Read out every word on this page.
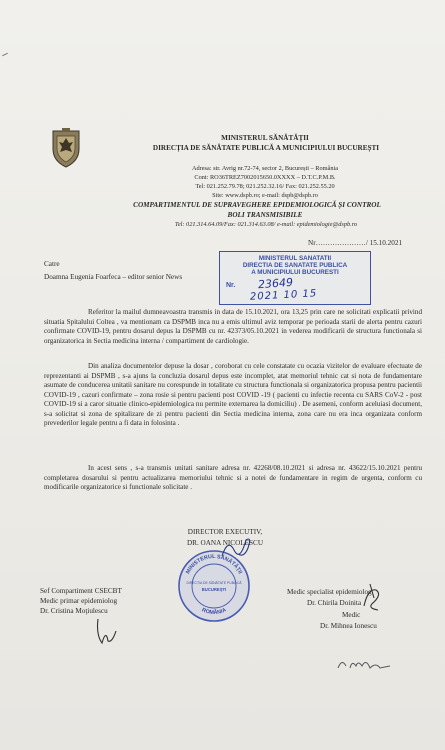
MINISTERUL SĂNĂTĂȚII

DIRECȚIA DE SĂNĂTATE PUBLICĂ A MUNICIPIULUI BUCUREȘTI

Adresa: str. Avrig nr.72-74, sector 2, București – România

Cont: RO36TREZ7002015650.0XXXX – D.T.C.P.M.B.

Tel: 021.252.79.78; 021.252.32.16/ Fax: 021.252.55.20

Site: www.dspb.ro; e-mail: dspb@dspb.ro

COMPARTIMENTUL DE SUPRAVEGHERE EPIDEMIOLOGICĂ ȘI CONTROL

BOLI TRANSMISIBILE

Tel: 021.314.64.09/Fax: 021.314.63.08/ e-mail: epidemiologie@dspb.ro

Nr…………………/ 15.10.2021

Catre

Doamna Eugenia Foarfeca – editor senior News

MINISTERUL SANATATII
DIRECTIA DE SANATATE PUBLICA
A MUNICIPIULUI BUCURESTI
Nr. 23649
2021 10 15

Referitor la mailul dumneavoastra transmis in data de 15.10.2021, ora 13,25 prin care ne solicitati explicatii privind situatia Spitalului Coltea , va mentionam ca DSPMB inca nu a emis ultimul aviz temporar pe perioada starii de alerta pentru cazuri confirmate COVID-19, pentru dosarul depus la DSPMB cu nr. 42373/05.10.2021 in vederea modificarii de structura functionala si organizatorica in Sectia medicina interna / compartiment de cardiologie.

Din analiza documentelor depuse la dosar , coroborat cu cele constatate cu ocazia vizitelor de evaluare efectuate de reprezentanti ai DSPMB , s-a ajuns la concluzia dosarul depus este incomplet, atat memoriul tehnic cat si nota de fundamentare asumate de conducerea unitatii sanitare nu corespunde in totalitate cu structura functionala si organizatorica propusa pentru pacientii COVID-19 , cazuri confirmate – zona rosie si pentru pacienti post COVID -19 ( pacienti cu infectie recenta cu SARS CoV-2 - post COVID-19 si a caror situatie clinico-epidemiologica nu permite externarea la domiciliu) . De asemeni, conform aceluiasi document, s-a solicitat si zona de spitalizare de zi pentru pacienti din Sectia medicina interna, zona care nu era inca organizata conform prevederilor legale pentru a fi data in folosinta .

In acest sens , s-a transmis unitati sanitare adresa nr. 42268/08.10.2021 si adresa nr. 43622/15.10.2021 pentru completarea dosarului si pentru actualizarea memoriului tehnic si a notei de fundamentare in regim de urgenta, conform cu modificarile organizatorice si functionale solicitate .

DIRECTOR EXECUTIV,

DR. OANA NICOLESCU

MINISTERUL SĂNĂTĂȚII
ROMÂNIA
DIRECȚIA DE SĂNĂTATE PUBLICĂ
BUCUREȘTI

Sef Compartiment CSECBT

Medic primar epidemiolog

Dr. Cristina Moţiulescu

Medic specialist epidemiolog

Dr. Chirila Doinita

Medic

Dr. Mihnea Ionescu
